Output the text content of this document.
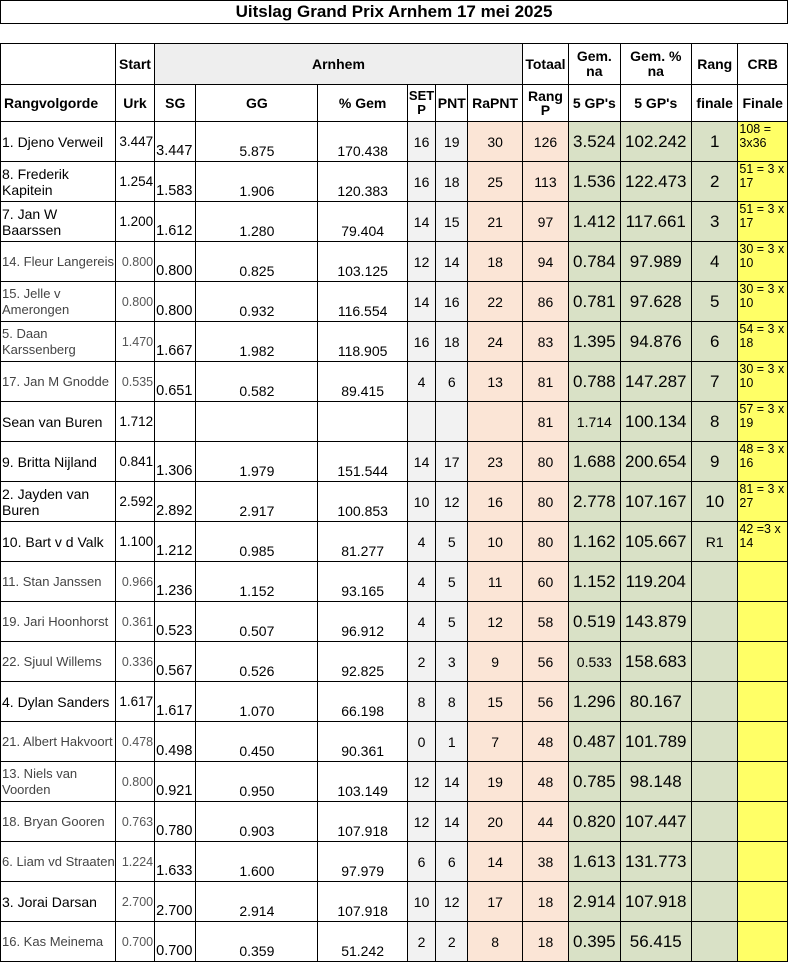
Uitslag Grand Prix Arnhem 17 mei 2025												

	Start	Arnhem						Totaal	Gem. na	Gem. % na	Rang	CRB
Rangvolgorde	Urk	SG	GG	% Gem	SET P	PNT	RaPNT	Rang P	5 GP's	5 GP's	finale	Finale
1. Djeno Verweil	3.447	3.447	5.875	170.438	16	19	30	126	3.524	102.242	1	108 = 3x36
8. Frederik Kapitein	1.254	1.583	1.906	120.383	16	18	25	113	1.536	122.473	2	51 = 3 x 17
7. Jan W Baarssen	1.200	1.612	1.280	79.404	14	15	21	97	1.412	117.661	3	51 = 3 x 17
14. Fleur Langereis	0.800	0.800	0.825	103.125	12	14	18	94	0.784	97.989	4	30 = 3 x 10
15. Jelle v Amerongen	0.800	0.800	0.932	116.554	14	16	22	86	0.781	97.628	5	30 = 3 x 10
5. Daan Karssenberg	1.470	1.667	1.982	118.905	16	18	24	83	1.395	94.876	6	54 = 3 x 18
17. Jan M Gnodde	0.535	0.651	0.582	89.415	4	6	13	81	0.788	147.287	7	30 = 3 x 10
Sean van Buren	1.712							81	1.714	100.134	8	57 = 3 x 19
9. Britta Nijland	0.841	1.306	1.979	151.544	14	17	23	80	1.688	200.654	9	48 = 3 x 16
2. Jayden van Buren	2.592	2.892	2.917	100.853	10	12	16	80	2.778	107.167	10	81 = 3 x 27
10. Bart v d Valk	1.100	1.212	0.985	81.277	4	5	10	80	1.162	105.667	R1	42 =3 x 14
11. Stan Janssen	0.966	1.236	1.152	93.165	4	5	11	60	1.152	119.204		
19. Jari Hoonhorst	0.361	0.523	0.507	96.912	4	5	12	58	0.519	143.879		
22. Sjuul Willems	0.336	0.567	0.526	92.825	2	3	9	56	0.533	158.683		
4. Dylan Sanders	1.617	1.617	1.070	66.198	8	8	15	56	1.296	80.167		
21. Albert Hakvoort	0.478	0.498	0.450	90.361	0	1	7	48	0.487	101.789		
13. Niels van Voorden	0.800	0.921	0.950	103.149	12	14	19	48	0.785	98.148		
18. Bryan Gooren	0.763	0.780	0.903	107.918	12	14	20	44	0.820	107.447		
6. Liam vd Straaten	1.224	1.633	1.600	97.979	6	6	14	38	1.613	131.773		
3. Jorai Darsan	2.700	2.700	2.914	107.918	10	12	17	18	2.914	107.918		
16. Kas Meinema	0.700	0.700	0.359	51.242	2	2	8	18	0.395	56.415		
